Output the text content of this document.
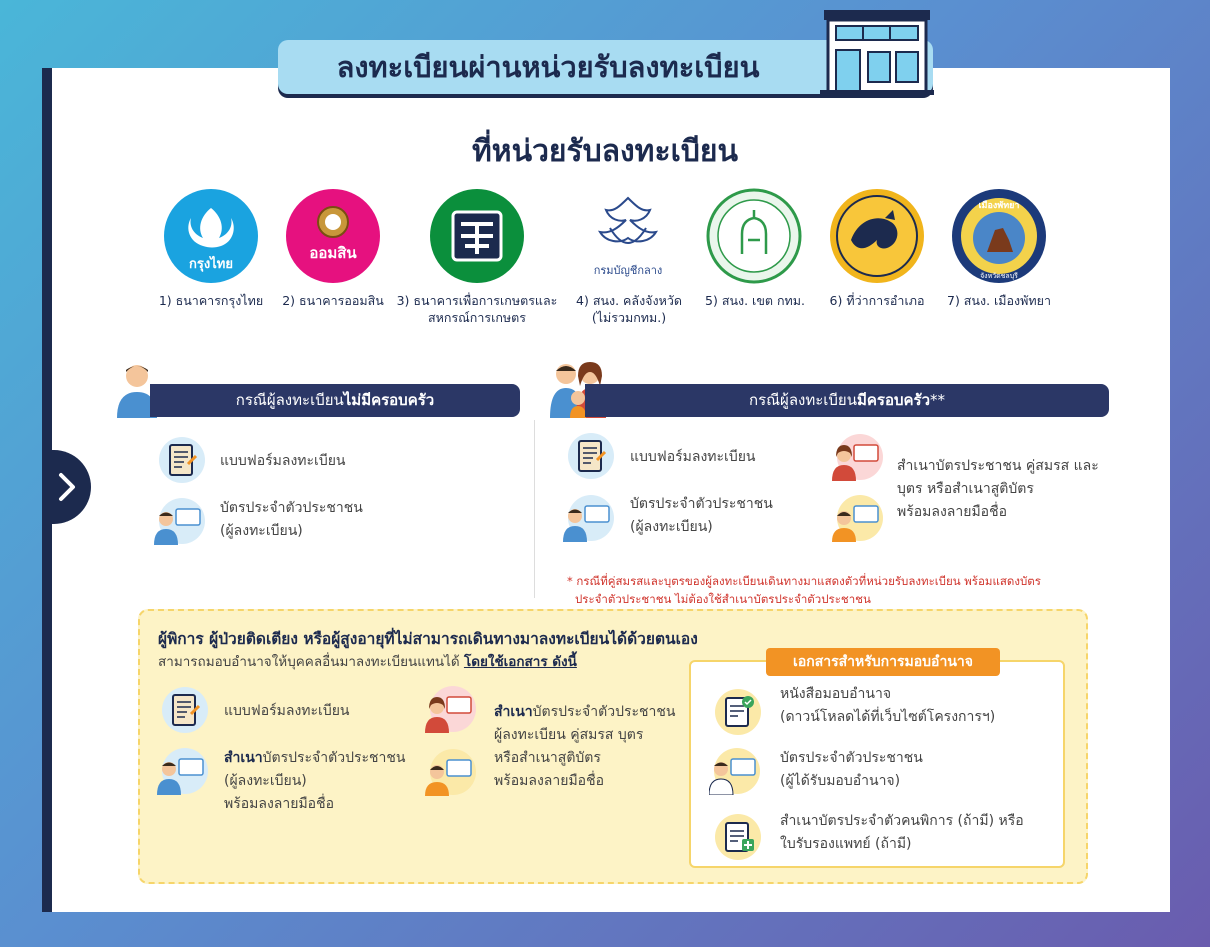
ลงทะเบียนผ่านหน่วยรับลงทะเบียน
ที่หน่วยรับลงทะเบียน
กรุงไทย
ออมสิน
กรมบัญชีกลาง
เมืองพัทยา
จังหวัดชลบุรี
1) ธนาคารกรุงไทย	2) ธนาคารออมสิน	3) ธนาคารเพื่อการเกษตรและ
สหกรณ์การเกษตร
4) สนง. คลังจังหวัด
(ไม่รวมกทม.)
5) สนง. เขต กทม.	6) ที่ว่าการอำเภอ	7) สนง. เมืองพัทยา
กรณีผู้ลงทะเบียนไม่มีครอบครัว
แบบฟอร์มลงทะเบียน
บัตรประจำตัวประชาชน
(ผู้ลงทะเบียน)
กรณีผู้ลงทะเบียนมีครอบครัว**
แบบฟอร์มลงทะเบียน
บัตรประจำตัวประชาชน
(ผู้ลงทะเบียน)
สำเนาบัตรประชาชน คู่สมรส และ
บุตร หรือสำเนาสูติบัตร
พร้อมลงลายมือชื่อ
* กรณีที่คู่สมรสและบุตรของผู้ลงทะเบียนเดินทางมาแสดงตัวที่หน่วยรับลงทะเบียน พร้อมแสดงบัตร
ประจำตัวประชาชน ไม่ต้องใช้สำเนาบัตรประจำตัวประชาชน
ผู้พิการ ผู้ป่วยติดเตียง หรือผู้สูงอายุที่ไม่สามารถเดินทางมาลงทะเบียนได้ด้วยตนเอง
สามารถมอบอำนาจให้บุคคลอื่นมาลงทะเบียนแทนได้ โดยใช้เอกสาร ดังนี้
แบบฟอร์มลงทะเบียน
สำเนาบัตรประจำตัวประชาชน
(ผู้ลงทะเบียน)
พร้อมลงลายมือชื่อ
สำเนาบัตรประจำตัวประชาชน
ผู้ลงทะเบียน คู่สมรส บุตร
หรือสำเนาสูติบัตร
พร้อมลงลายมือชื่อ
เอกสารสำหรับการมอบอำนาจ
หนังสือมอบอำนาจ
(ดาวน์โหลดได้ที่เว็บไซต์โครงการฯ)
บัตรประจำตัวประชาชน
(ผู้ได้รับมอบอำนาจ)
สำเนาบัตรประจำตัวคนพิการ (ถ้ามี) หรือ
ใบรับรองแพทย์ (ถ้ามี)
